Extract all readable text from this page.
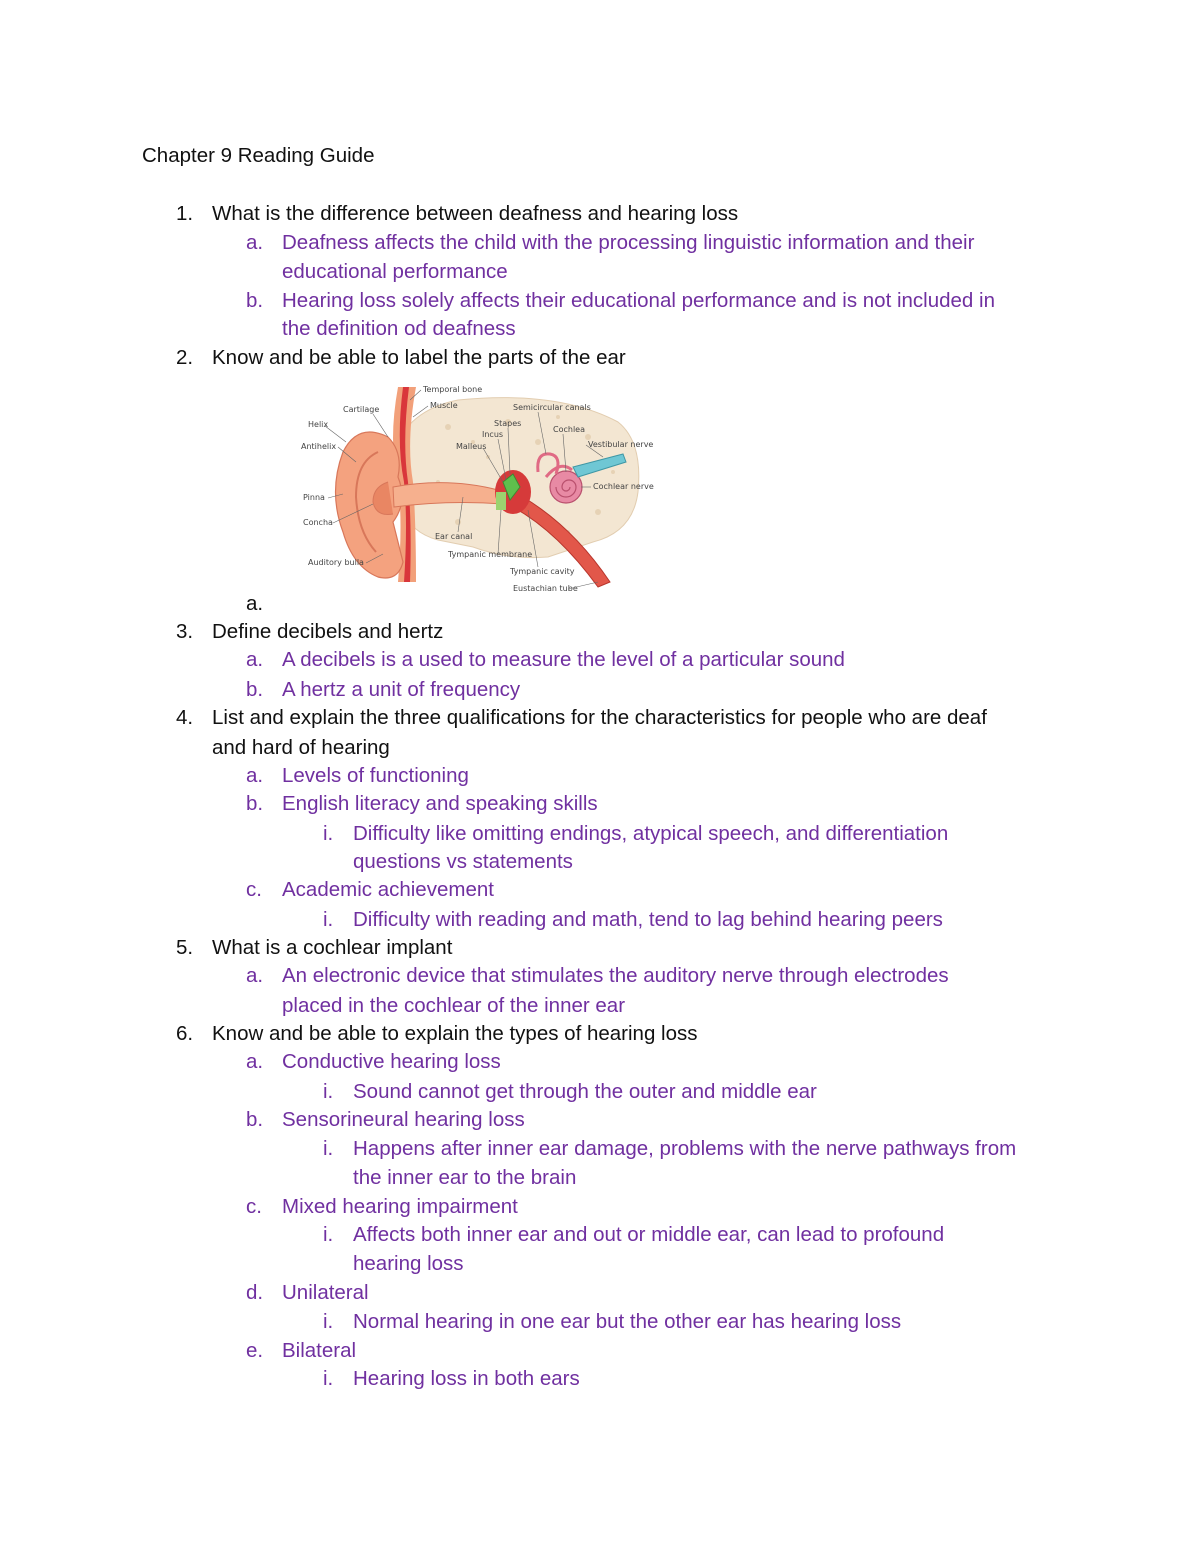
Chapter 9 Reading Guide
1. What is the difference between deafness and hearing loss
a. Deafness affects the child with the processing linguistic information and their
educational performance
b. Hearing loss solely affects their educational performance and is not included in
the definition od deafness
2. Know and be able to label the parts of the ear
Temporal bone
Muscle
Cartilage	Semicircular canals
Helix	Stapes
Incus
Cochlea
Antihelix	Malleus	Vestibular nerve
Cochlear nerve
Pinna
Concha
Ear canal
Tympanic membrane
Auditory bulla
Tympanic cavity
Eustachian tube
a.
3. Define decibels and hertz
a. A decibels is a used to measure the level of a particular sound
b. A hertz a unit of frequency
4. List and explain the three qualifications for the characteristics for people who are deaf
and hard of hearing
a. Levels of functioning
b. English literacy and speaking skills
i. Difficulty like omitting endings, atypical speech, and differentiation
questions vs statements
c. Academic achievement
i. Difficulty with reading and math, tend to lag behind hearing peers
5. What is a cochlear implant
a. An electronic device that stimulates the auditory nerve through electrodes
placed in the cochlear of the inner ear
6. Know and be able to explain the types of hearing loss
a. Conductive hearing loss
i. Sound cannot get through the outer and middle ear
b. Sensorineural hearing loss
i. Happens after inner ear damage, problems with the nerve pathways from
the inner ear to the brain
c. Mixed hearing impairment
i. Affects both inner ear and out or middle ear, can lead to profound
hearing loss
d. Unilateral
i. Normal hearing in one ear but the other ear has hearing loss
e. Bilateral
i. Hearing loss in both ears
